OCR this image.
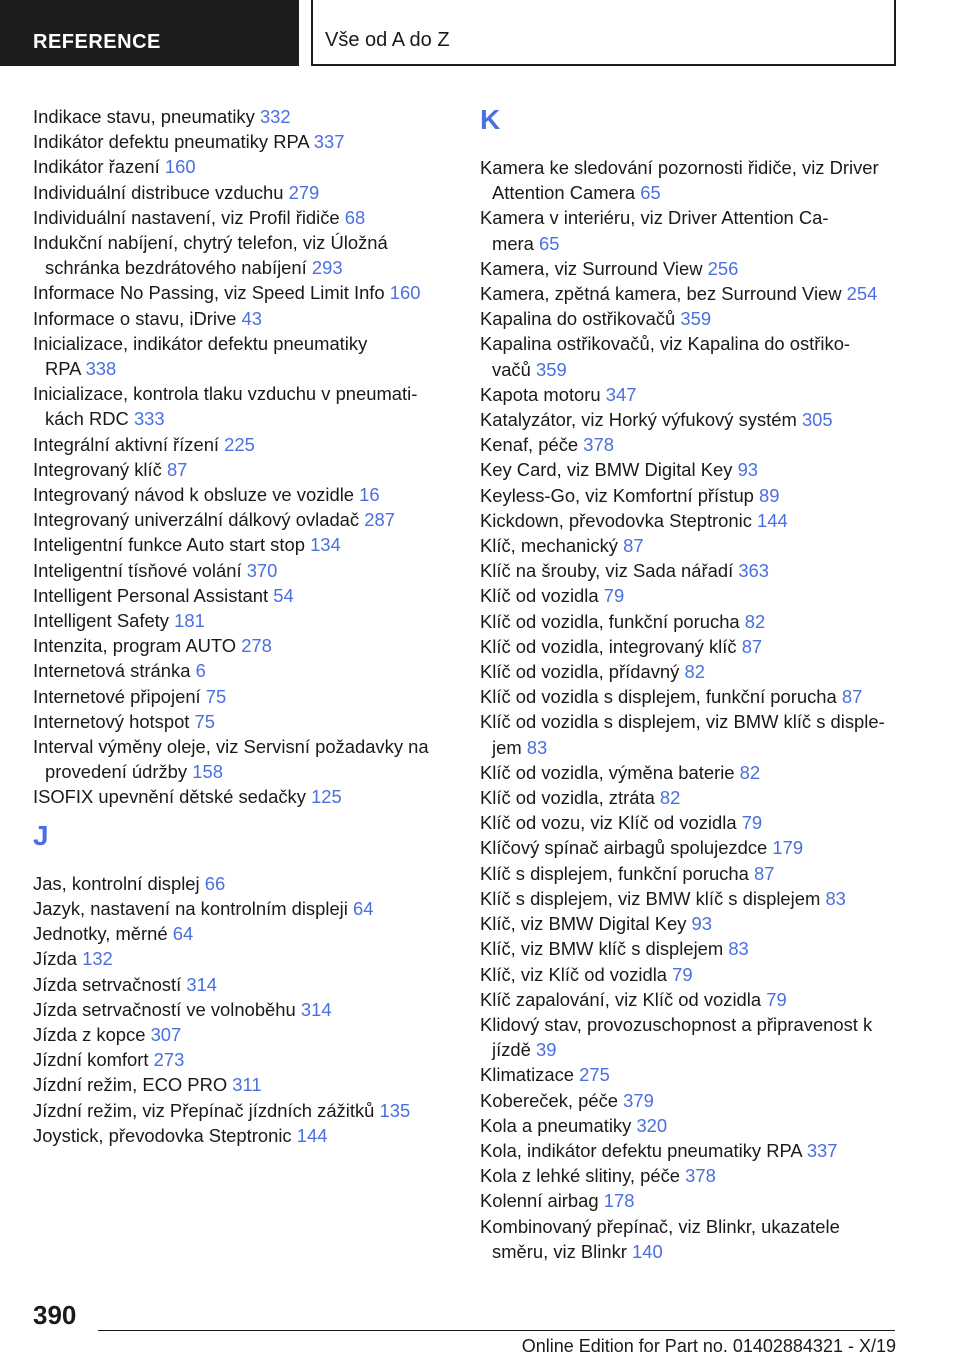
REFERENCE	Vše od A do Z
Indikace stavu, pneumatiky 332
Indikátor defektu pneumatiky RPA 337
Indikátor řazení 160
Individuální distribuce vzduchu 279
Individuální nastavení, viz Profil řidiče 68
Indukční nabíjení, chytrý telefon, viz Úložná
schránka bezdrátového nabíjení 293
Informace No Passing, viz Speed Limit Info 160
Informace o stavu, iDrive 43
Inicializace, indikátor defektu pneumatiky
RPA 338
Inicializace, kontrola tlaku vzduchu v pneumati-
kách RDC 333
Integrální aktivní řízení 225
Integrovaný klíč 87
Integrovaný návod k obsluze ve vozidle 16
Integrovaný univerzální dálkový ovladač 287
Inteligentní funkce Auto start stop 134
Inteligentní tísňové volání 370
Intelligent Personal Assistant 54
Intelligent Safety 181
Intenzita, program AUTO 278
Internetová stránka 6
Internetové připojení 75
Internetový hotspot 75
Interval výměny oleje, viz Servisní požadavky na
provedení údržby 158
ISOFIX upevnění dětské sedačky 125
J
Jas, kontrolní displej 66
Jazyk, nastavení na kontrolním displeji 64
Jednotky, měrné 64
Jízda 132
Jízda setrvačností 314
Jízda setrvačností ve volnoběhu 314
Jízda z kopce 307
Jízdní komfort 273
Jízdní režim, ECO PRO 311
Jízdní režim, viz Přepínač jízdních zážitků 135
Joystick, převodovka Steptronic 144
K
Kamera ke sledování pozornosti řidiče, viz Driver
Attention Camera 65
Kamera v interiéru, viz Driver Attention Ca-
mera 65
Kamera, viz Surround View 256
Kamera, zpětná kamera, bez Surround View 254
Kapalina do ostřikovačů 359
Kapalina ostřikovačů, viz Kapalina do ostřiko-
vačů 359
Kapota motoru 347
Katalyzátor, viz Horký výfukový systém 305
Kenaf, péče 378
Key Card, viz BMW Digital Key 93
Keyless-Go, viz Komfortní přístup 89
Kickdown, převodovka Steptronic 144
Klíč, mechanický 87
Klíč na šrouby, viz Sada nářadí 363
Klíč od vozidla 79
Klíč od vozidla, funkční porucha 82
Klíč od vozidla, integrovaný klíč 87
Klíč od vozidla, přídavný 82
Klíč od vozidla s displejem, funkční porucha 87
Klíč od vozidla s displejem, viz BMW klíč s disple-
jem 83
Klíč od vozidla, výměna baterie 82
Klíč od vozidla, ztráta 82
Klíč od vozu, viz Klíč od vozidla 79
Klíčový spínač airbagů spolujezdce 179
Klíč s displejem, funkční porucha 87
Klíč s displejem, viz BMW klíč s displejem 83
Klíč, viz BMW Digital Key 93
Klíč, viz BMW klíč s displejem 83
Klíč, viz Klíč od vozidla 79
Klíč zapalování, viz Klíč od vozidla 79
Klidový stav, provozuschopnost a připravenost k
jízdě 39
Klimatizace 275
Kobereček, péče 379
Kola a pneumatiky 320
Kola, indikátor defektu pneumatiky RPA 337
Kola z lehké slitiny, péče 378
Kolenní airbag 178
Kombinovaný přepínač, viz Blinkr, ukazatele
směru, viz Blinkr 140
390
Online Edition for Part no. 01402884321 - X/19
